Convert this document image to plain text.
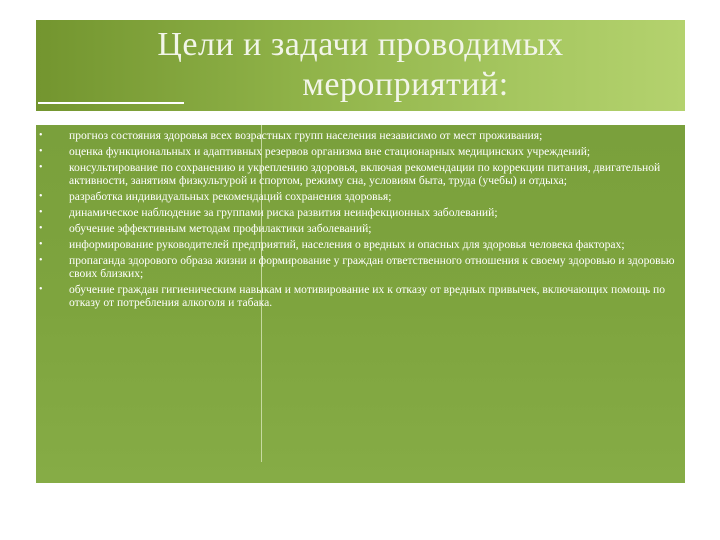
Цели и задачи проводимых
мероприятий:
• прогноз состояния здоровья всех возрастных групп населения независимо от мест проживания;
• оценка функциональных и адаптивных резервов организма вне стационарных медицинских учреждений;
• консультирование по сохранению и укреплению здоровья, включая рекомендации по коррекции питания, двигательной активности, занятиям физкультурой и спортом, режиму сна, условиям быта, труда (учебы) и отдыха;
• разработка индивидуальных рекомендаций сохранения здоровья;
• динамическое наблюдение за группами риска развития неинфекционных заболеваний;
• обучение эффективным методам профилактики заболеваний;
• информирование руководителей предприятий, населения о вредных и опасных для здоровья человека факторах;
• пропаганда здорового образа жизни и формирование у граждан ответственного отношения к своему здоровью и здоровью своих близких;
• обучение граждан гигиеническим навыкам и мотивирование их к отказу от вредных привычек, включающих помощь по отказу от потребления алкоголя и табака.
